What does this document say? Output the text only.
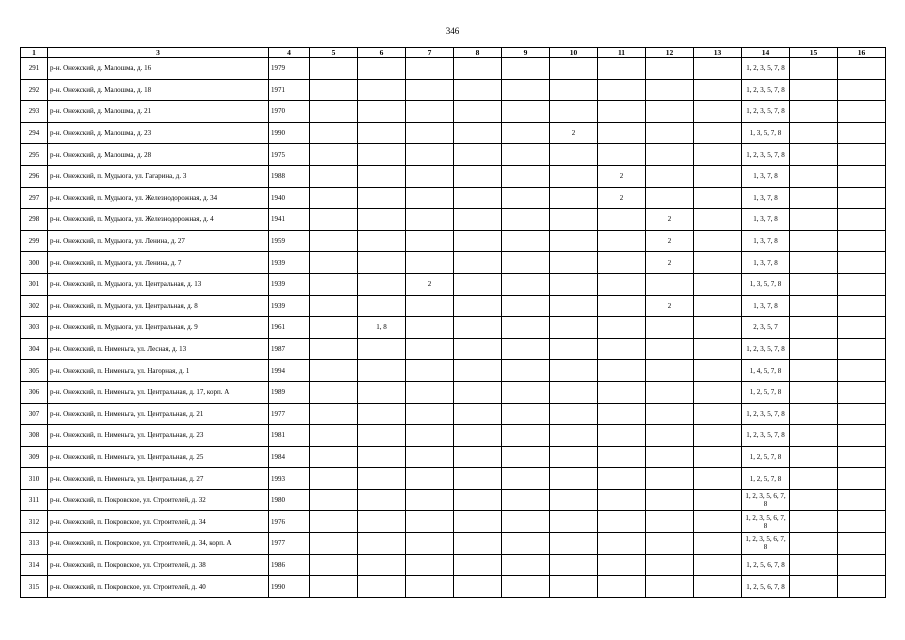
346
1	3	4	5	6	7	8	9	10	11	12	13	14	15	16
291	р-н. Онежский, д. Малошма, д. 16	1979										1, 2, 3, 5, 7, 8		
292	р-н. Онежский, д. Малошма, д. 18	1971										1, 2, 3, 5, 7, 8		
293	р-н. Онежский, д. Малошма, д. 21	1970										1, 2, 3, 5, 7, 8		
294	р-н. Онежский, д. Малошма, д. 23	1990						2				1, 3, 5, 7, 8		
295	р-н. Онежский, д. Малошма, д. 28	1975										1, 2, 3, 5, 7, 8		
296	р-н. Онежский, п. Мудьюга, ул. Гагарина, д. 3	1988							2			1, 3, 7, 8		
297	р-н. Онежский, п. Мудьюга, ул. Железнодорожная, д. 34	1940							2			1, 3, 7, 8		
298	р-н. Онежский, п. Мудьюга, ул. Железнодорожная, д. 4	1941								2		1, 3, 7, 8		
299	р-н. Онежский, п. Мудьюга, ул. Ленина, д. 27	1959								2		1, 3, 7, 8		
300	р-н. Онежский, п. Мудьюга, ул. Ленина, д. 7	1939								2		1, 3, 7, 8		
301	р-н. Онежский, п. Мудьюга, ул. Центральная, д. 13	1939			2							1, 3, 5, 7, 8		
302	р-н. Онежский, п. Мудьюга, ул. Центральная, д. 8	1939								2		1, 3, 7, 8		
303	р-н. Онежский, п. Мудьюга, ул. Центральная, д. 9	1961		1, 8								2, 3, 5, 7		
304	р-н. Онежский, п. Нименьга, ул. Лесная, д. 13	1987										1, 2, 3, 5, 7, 8		
305	р-н. Онежский, п. Нименьга, ул. Нагорная, д. 1	1994										1, 4, 5, 7, 8		
306	р-н. Онежский, п. Нименьга, ул. Центральная, д. 17, корп. А	1989										1, 2, 5, 7, 8		
307	р-н. Онежский, п. Нименьга, ул. Центральная, д. 21	1977										1, 2, 3, 5, 7, 8		
308	р-н. Онежский, п. Нименьга, ул. Центральная, д. 23	1981										1, 2, 3, 5, 7, 8		
309	р-н. Онежский, п. Нименьга, ул. Центральная, д. 25	1984										1, 2, 5, 7, 8		
310	р-н. Онежский, п. Нименьга, ул. Центральная, д. 27	1993										1, 2, 5, 7, 8		
311	р-н. Онежский, п. Покровское, ул. Строителей, д. 32	1980										1, 2, 3, 5, 6, 7, 8		
312	р-н. Онежский, п. Покровское, ул. Строителей, д. 34	1976										1, 2, 3, 5, 6, 7, 8		
313	р-н. Онежский, п. Покровское, ул. Строителей, д. 34, корп. А	1977										1, 2, 3, 5, 6, 7, 8		
314	р-н. Онежский, п. Покровское, ул. Строителей, д. 38	1986										1, 2, 5, 6, 7, 8		
315	р-н. Онежский, п. Покровское, ул. Строителей, д. 40	1990										1, 2, 5, 6, 7, 8		
